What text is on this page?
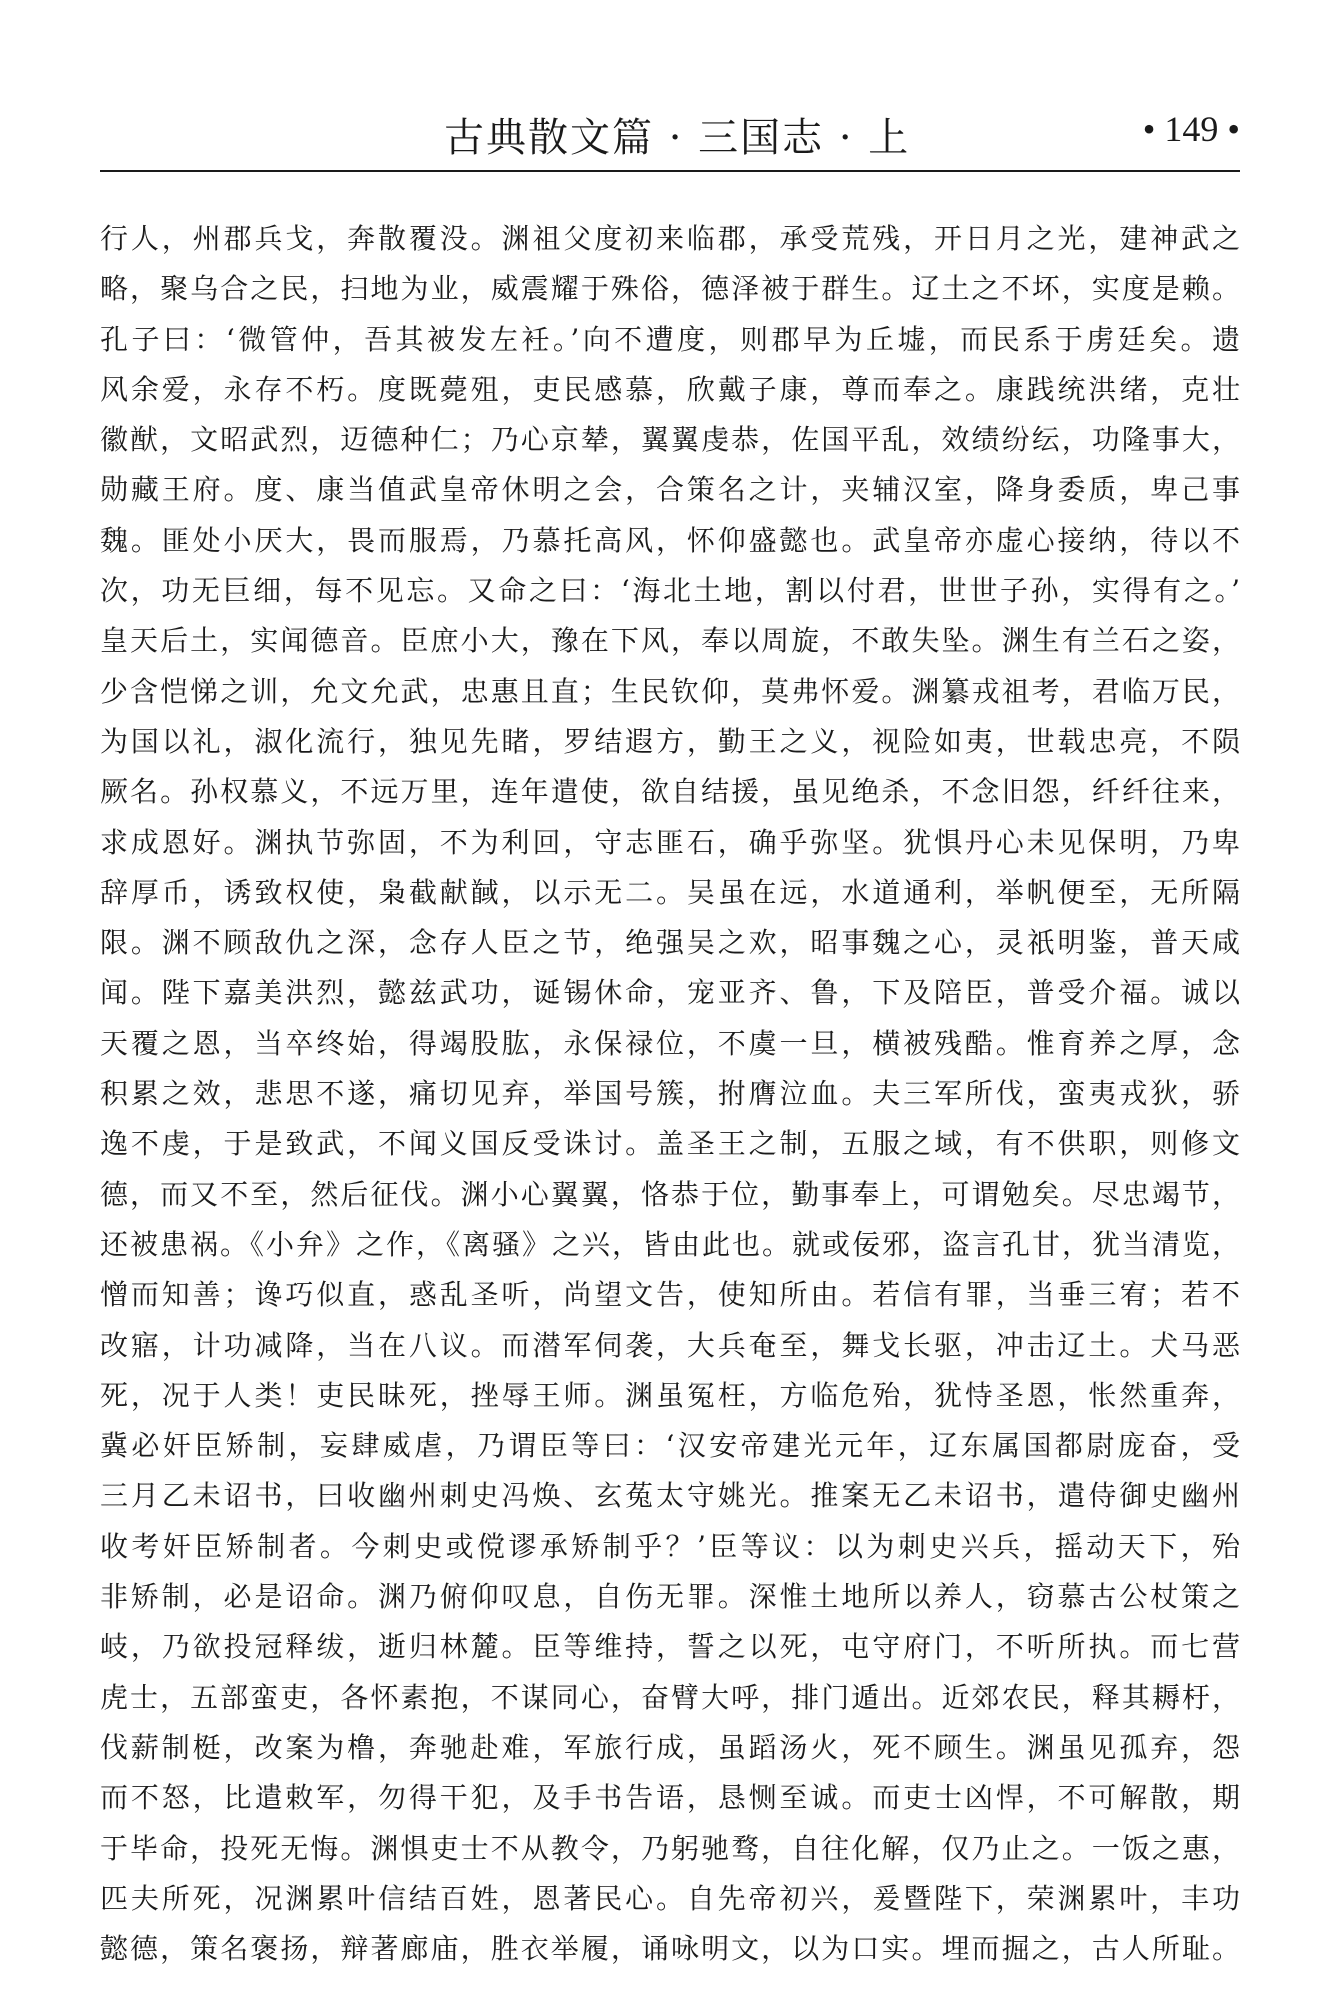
古典散文篇 · 三国志 · 上	• 149 •
行人，州郡兵戈，奔散覆没。渊祖父度初来临郡，承受荒残，开日月之光，建神武之
略，聚乌合之民，扫地为业，威震耀于殊俗，德泽被于群生。辽土之不坏，实度是赖。
孔子曰：‘微管仲，吾其被发左衽。’向不遭度，则郡早为丘墟，而民系于虏廷矣。遗
风余爱，永存不朽。度既薨殂，吏民感慕，欣戴子康，尊而奉之。康践统洪绪，克壮
徽猷，文昭武烈，迈德种仁；乃心京辇，翼翼虔恭，佐国平乱，效绩纷纭，功隆事大，
勋藏王府。度、康当值武皇帝休明之会，合策名之计，夹辅汉室，降身委质，卑己事
魏。匪处小厌大，畏而服焉，乃慕托高风，怀仰盛懿也。武皇帝亦虚心接纳，待以不
次，功无巨细，每不见忘。又命之曰：‘海北土地，割以付君，世世子孙，实得有之。’
皇天后土，实闻德音。臣庶小大，豫在下风，奉以周旋，不敢失坠。渊生有兰石之姿，
少含恺悌之训，允文允武，忠惠且直；生民钦仰，莫弗怀爱。渊纂戎祖考，君临万民，
为国以礼，淑化流行，独见先睹，罗结遐方，勤王之义，视险如夷，世载忠亮，不陨
厥名。孙权慕义，不远万里，连年遣使，欲自结援，虽见绝杀，不念旧怨，纤纤往来，
求成恩好。渊执节弥固，不为利回，守志匪石，确乎弥坚。犹惧丹心未见保明，乃卑
辞厚币，诱致权使，枭截献馘，以示无二。吴虽在远，水道通利，举帆便至，无所隔
限。渊不顾敌仇之深，念存人臣之节，绝强吴之欢，昭事魏之心，灵祇明鉴，普天咸
闻。陛下嘉美洪烈，懿兹武功，诞锡休命，宠亚齐、鲁，下及陪臣，普受介福。诚以
天覆之恩，当卒终始，得竭股肱，永保禄位，不虞一旦，横被残酷。惟育养之厚，念
积累之效，悲思不遂，痛切见弃，举国号簇，拊膺泣血。夫三军所伐，蛮夷戎狄，骄
逸不虔，于是致武，不闻义国反受诛讨。盖圣王之制，五服之域，有不供职，则修文
德，而又不至，然后征伐。渊小心翼翼，恪恭于位，勤事奉上，可谓勉矣。尽忠竭节，
还被患祸。《小弁》之作，《离骚》之兴，皆由此也。就或佞邪，盗言孔甘，犹当清览，
憎而知善；谗巧似直，惑乱圣听，尚望文告，使知所由。若信有罪，当垂三宥；若不
改寤，计功减降，当在八议。而潜军伺袭，大兵奄至，舞戈长驱，冲击辽土。犬马恶
死，况于人类！吏民昧死，挫辱王师。渊虽冤枉，方临危殆，犹恃圣恩，怅然重奔，
冀必奸臣矫制，妄肆威虐，乃谓臣等曰：‘汉安帝建光元年，辽东属国都尉庞奋，受
三月乙未诏书，曰收幽州刺史冯焕、玄菟太守姚光。推案无乙未诏书，遣侍御史幽州
收考奸臣矫制者。今刺史或傥谬承矫制乎？’臣等议：以为刺史兴兵，摇动天下，殆
非矫制，必是诏命。渊乃俯仰叹息，自伤无罪。深惟土地所以养人，窃慕古公杖策之
岐，乃欲投冠释绂，逝归林麓。臣等维持，誓之以死，屯守府门，不听所执。而七营
虎士，五部蛮吏，各怀素抱，不谋同心，奋臂大呼，排门遁出。近郊农民，释其耨杅，
伐薪制梃，改案为橹，奔驰赴难，军旅行成，虽蹈汤火，死不顾生。渊虽见孤弃，怨
而不怒，比遣敕军，勿得干犯，及手书告语，恳恻至诚。而吏士凶悍，不可解散，期
于毕命，投死无悔。渊惧吏士不从教令，乃躬驰骛，自往化解，仅乃止之。一饭之惠，
匹夫所死，况渊累叶信结百姓，恩著民心。自先帝初兴，爰暨陛下，荣渊累叶，丰功
懿德，策名褒扬，辩著廊庙，胜衣举履，诵咏明文，以为口实。埋而掘之，古人所耻。
